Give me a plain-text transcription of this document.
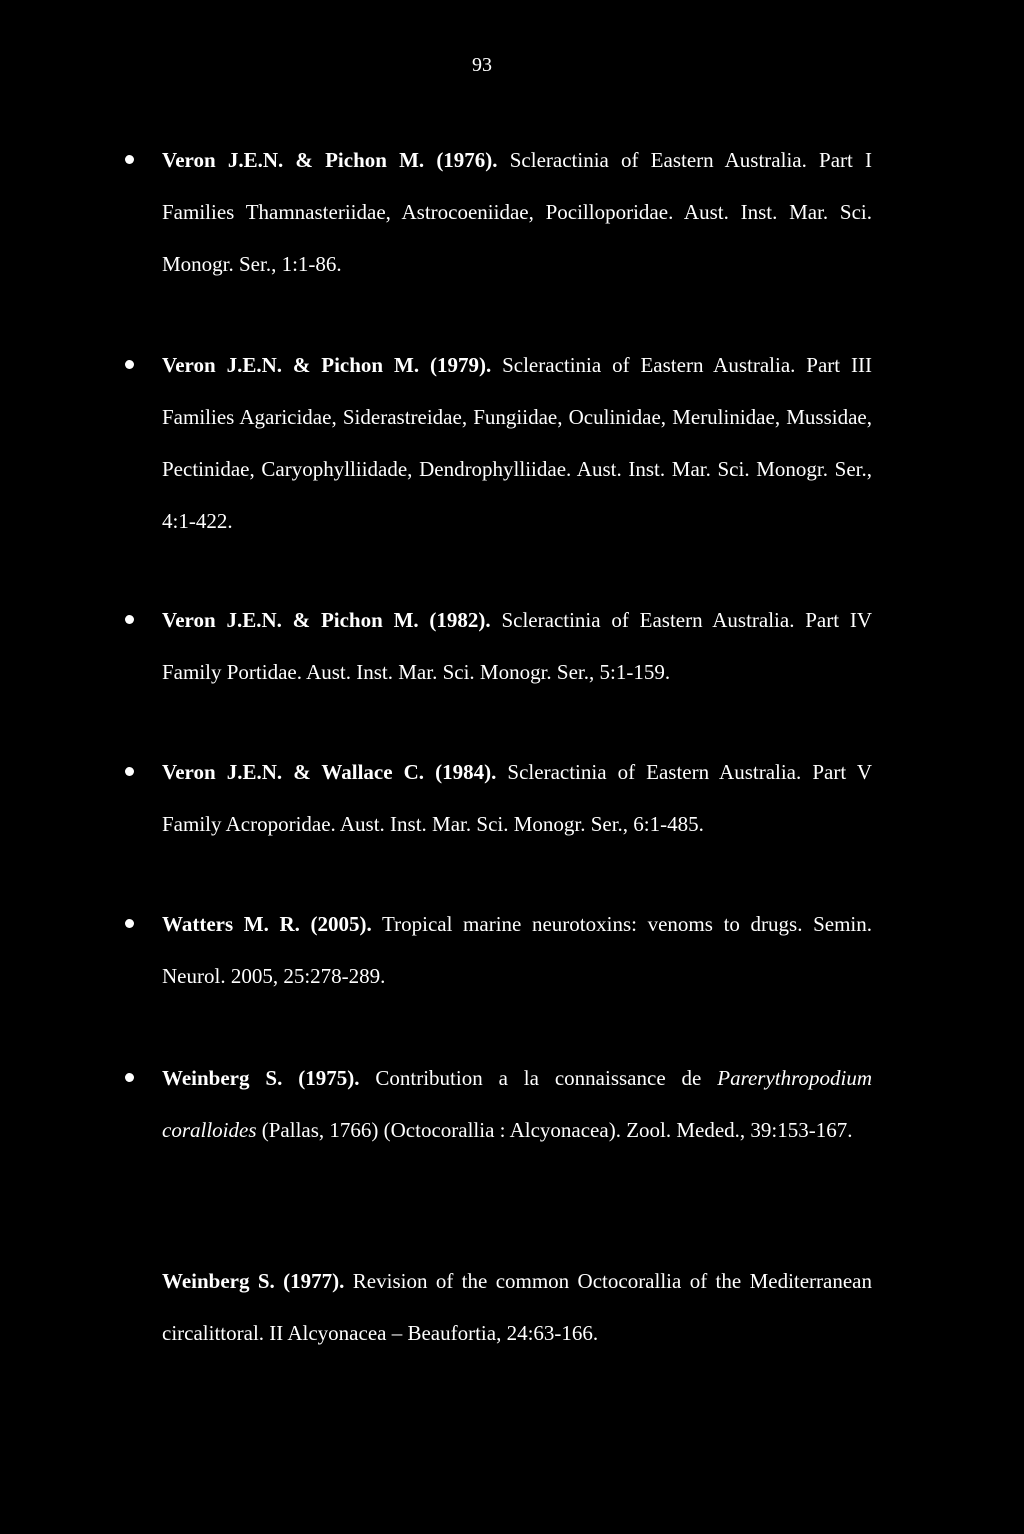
93
Veron J.E.N. & Pichon M. (1976). Scleractinia of Eastern Australia. Part I Families Thamnasteriidae, Astrocoeniidae, Pocilloporidae. Aust. Inst. Mar. Sci. Monogr. Ser., 1:1-86.
Veron J.E.N. & Pichon M. (1979). Scleractinia of Eastern Australia. Part III Families Agaricidae, Siderastreidae, Fungiidae, Oculinidae, Merulinidae, Mussidae, Pectinidae, Caryophylliidade, Dendrophylliidae. Aust. Inst. Mar. Sci. Monogr. Ser., 4:1-422.
Veron J.E.N. & Pichon M. (1982). Scleractinia of Eastern Australia. Part IV Family Portidae. Aust. Inst. Mar. Sci. Monogr. Ser., 5:1-159.
Veron J.E.N. & Wallace C. (1984). Scleractinia of Eastern Australia. Part V Family Acroporidae. Aust. Inst. Mar. Sci. Monogr. Ser., 6:1-485.
Watters M. R. (2005). Tropical marine neurotoxins: venoms to drugs. Semin. Neurol. 2005, 25:278-289.
Weinberg S. (1975). Contribution a la connaissance de Parerythropodium coralloides (Pallas, 1766) (Octocorallia : Alcyonacea). Zool. Meded., 39:153-167.
Weinberg S. (1977). Revision of the common Octocorallia of the Mediterranean circalittoral. II Alcyonacea – Beaufortia, 24:63-166.
